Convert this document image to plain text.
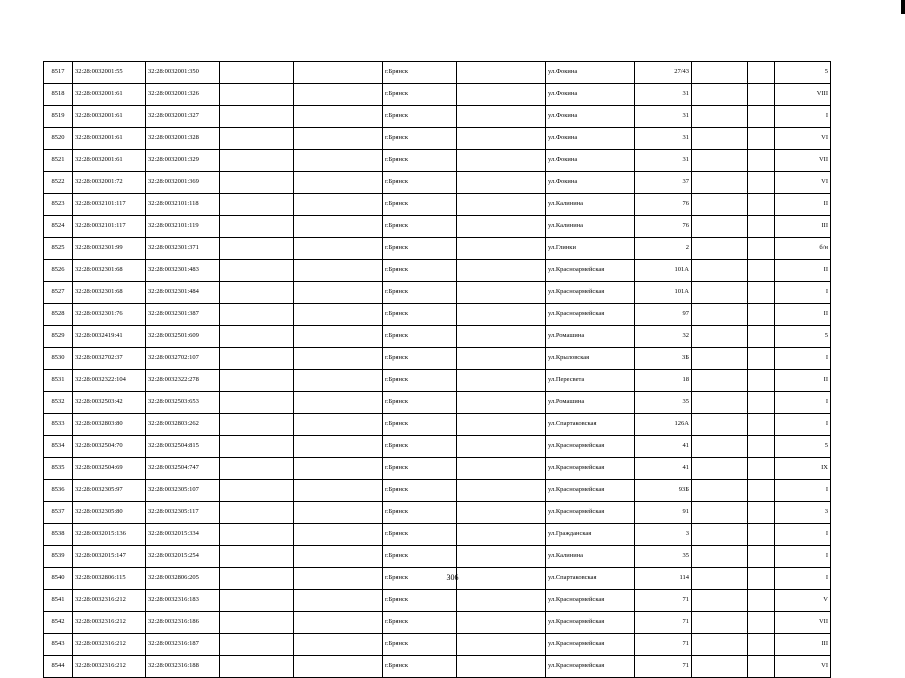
8517	32:28:0032001:55	32:28:0032001:350			г.Брянск		ул.Фокина	27/43			5
8518	32:28:0032001:61	32:28:0032001:326			г.Брянск		ул.Фокина	31			VIII
8519	32:28:0032001:61	32:28:0032001:327			г.Брянск		ул.Фокина	31			I
8520	32:28:0032001:61	32:28:0032001:328			г.Брянск		ул.Фокина	31			VI
8521	32:28:0032001:61	32:28:0032001:329			г.Брянск		ул.Фокина	31			VII
8522	32:28:0032001:72	32:28:0032001:369			г.Брянск		ул.Фокина	37			VI
8523	32:28:0032101:117	32:28:0032101:118			г.Брянск		ул.Калинина	76			II
8524	32:28:0032101:117	32:28:0032101:119			г.Брянск		ул.Калинина	76			III
8525	32:28:0032301:99	32:28:0032301:371			г.Брянск		ул.Глинки	2			б/н
8526	32:28:0032301:68	32:28:0032301:483			г.Брянск		ул.Красноармейская	101А			II
8527	32:28:0032301:68	32:28:0032301:484			г.Брянск		ул.Красноармейская	101А			I
8528	32:28:0032301:76	32:28:0032301:387			г.Брянск		ул.Красноармейская	97			II
8529	32:28:0032419:41	32:28:0032501:609			г.Брянск		ул.Ромашина	32			5
8530	32:28:0032702:37	32:28:0032702:107			г.Брянск		ул.Крыловская	3Б			I
8531	32:28:0032322:104	32:28:0032322:278			г.Брянск		ул.Пересвета	18			II
8532	32:28:0032503:42	32:28:0032503:653			г.Брянск		ул.Ромашина	35			I
8533	32:28:0032803:80	32:28:0032803:262			г.Брянск		ул.Спартаковская	126А			I
8534	32:28:0032504:70	32:28:0032504:815			г.Брянск		ул.Красноармейская	41			5
8535	32:28:0032504:69	32:28:0032504:747			г.Брянск		ул.Красноармейская	41			IX
8536	32:28:0032305:97	32:28:0032305:107			г.Брянск		ул.Красноармейская	93Б			I
8537	32:28:0032305:80	32:28:0032305:117			г.Брянск		ул.Красноармейская	91			3
8538	32:28:0032015:136	32:28:0032015:334			г.Брянск		ул.Гражданская	3			I
8539	32:28:0032015:147	32:28:0032015:254			г.Брянск		ул.Калинина	35			I
8540	32:28:0032806:115	32:28:0032806:205			г.Брянск		ул.Спартаковская	114			I
8541	32:28:0032316:212	32:28:0032316:183			г.Брянск		ул.Красноармейская	71			V
8542	32:28:0032316:212	32:28:0032316:186			г.Брянск		ул.Красноармейская	71			VII
8543	32:28:0032316:212	32:28:0032316:187			г.Брянск		ул.Красноармейская	71			III
8544	32:28:0032316:212	32:28:0032316:188			г.Брянск		ул.Красноармейская	71			VI
306
